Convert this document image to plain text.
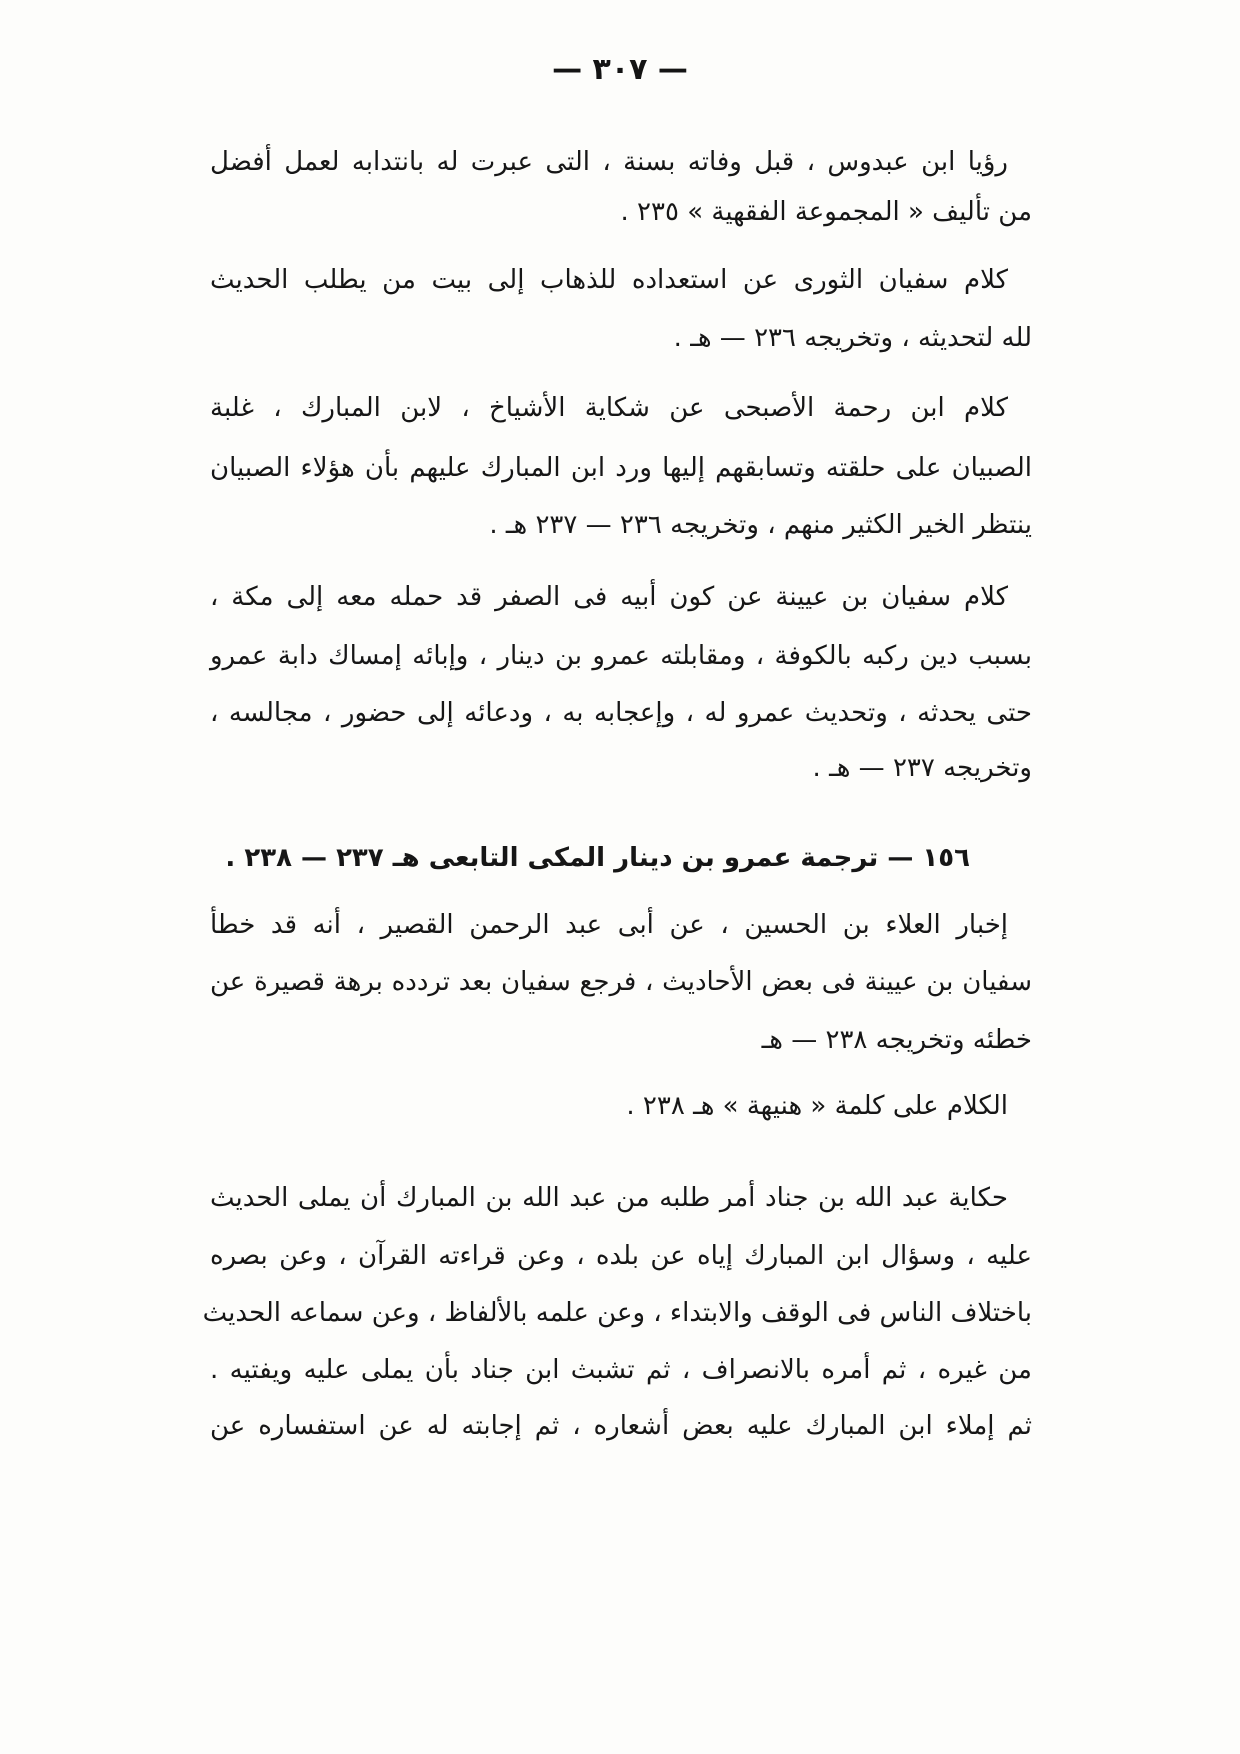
— ٣٠٧ —
رؤيا ابن عبدوس ، قبل وفاته بسنة ، التى عبرت له بانتدابه لعمل أفضل
من تأليف « المجموعة الفقهية » ٢٣٥ .
كلام سفيان الثورى عن استعداده للذهاب إلى بيت من يطلب الحديث
لله لتحديثه ، وتخريجه ٢٣٦ — هـ .
كلام ابن رحمة الأصبحى عن شكاية الأشياخ ، لابن المبارك ، غلبة
الصبيان على حلقته وتسابقهم إليها ورد ابن المبارك عليهم بأن هؤلاء الصبيان
ينتظر الخير الكثير منهم ، وتخريجه ٢٣٦ — ٢٣٧ هـ .
كلام سفيان بن عيينة عن كون أبيه فى الصفر قد حمله معه إلى مكة ،
بسبب دين ركبه بالكوفة ، ومقابلته عمرو بن دينار ، وإبائه إمساك دابة عمرو
حتى يحدثه ، وتحديث عمرو له ، وإعجابه به ، ودعائه إلى حضور ، مجالسه ،
وتخريجه ٢٣٧ — هـ .
١٥٦ — ترجمة عمرو بن دينار المكى التابعى هـ ٢٣٧ — ٢٣٨ .
إخبار العلاء بن الحسين ، عن أبى عبد الرحمن القصير ، أنه قد خطأ
سفيان بن عيينة فى بعض الأحاديث ، فرجع سفيان بعد تردده برهة قصيرة عن
خطئه وتخريجه ٢٣٨ — هـ
الكلام على كلمة « هنيهة » هـ ٢٣٨ .
حكاية عبد الله بن جناد أمر طلبه من عبد الله بن المبارك أن يملى الحديث
عليه ، وسؤال ابن المبارك إياه عن بلده ، وعن قراءته القرآن ، وعن بصره
باختلاف الناس فى الوقف والابتداء ، وعن علمه بالألفاظ ، وعن سماعه الحديث
من غيره ، ثم أمره بالانصراف ، ثم تشبث ابن جناد بأن يملى عليه ويفتيه .
ثم إملاء ابن المبارك عليه بعض أشعاره ، ثم إجابته له عن استفساره عن
